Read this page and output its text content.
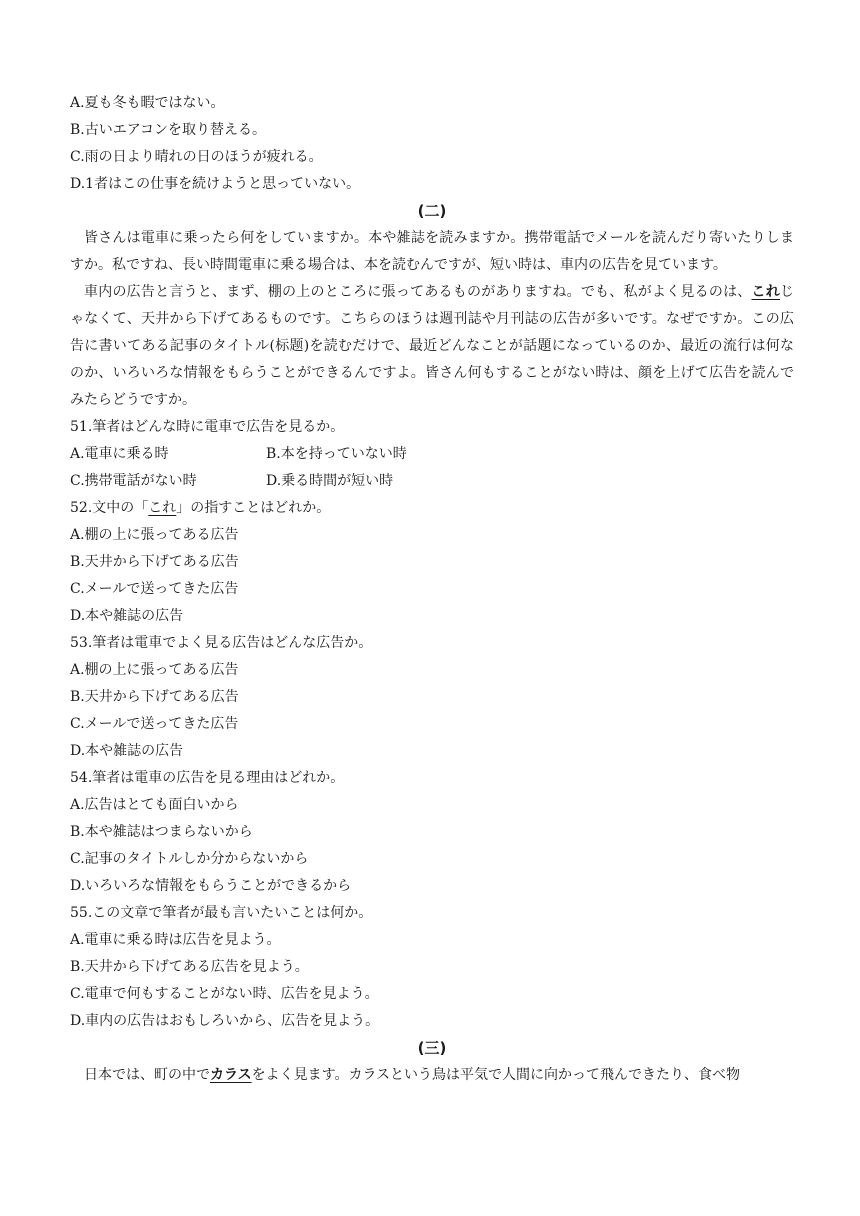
A.夏も冬も暇ではない。
B.古いエアコンを取り替える。
C.雨の日より晴れの日のほうが疲れる。
D.1者はこの仕事を続けようと思っていない。
(二)

皆さんは電車に乗ったら何をしていますか。本や雑誌を読みますか。携帯電話でメールを読んだり寄いたりしますか。私ですね、長い時間電車に乗る場合は、本を読むんですが、短い時は、車内の広告を見ています。

車内の広告と言うと、まず、棚の上のところに張ってあるものがありますね。でも、私がよく見るのは、これじゃなくて、天井から下げてあるものです。こちらのほうは週刊誌や月刊誌の広告が多いです。なぜですか。この広告に書いてある記事のタイトル(标题)を読むだけで、最近どんなことが話題になっているのか、最近の流行は何なのか、いろいろな情報をもらうことができるんですよ。皆さん何もすることがない時は、顔を上げて広告を読んでみたらどうですか。

51.筆者はどんな時に電車で広告を見るか。
A.電車に乗る時	B.本を持っていない時
C.携帯電話がない時	D.乗る時間が短い時
52.文中の「これ」の指すことはどれか。
A.棚の上に張ってある広告
B.天井から下げてある広告
C.メールで送ってきた広告
D.本や雑誌の広告
53.筆者は電車でよく見る広告はどんな広告か。
A.棚の上に張ってある広告
B.天井から下げてある広告
C.メールで送ってきた広告
D.本や雑誌の広告
54.筆者は電車の広告を見る理由はどれか。
A.広告はとても面白いから
B.本や雑誌はつまらないから
C.記事のタイトルしか分からないから
D.いろいろな情報をもらうことができるから
55.この文章で筆者が最も言いたいことは何か。
A.電車に乗る時は広告を見よう。
B.天井から下げてある広告を見よう。
C.電車で何もすることがない時、広告を見よう。
D.車内の広告はおもしろいから、広告を見よう。
(三)

日本では、町の中でカラスをよく見ます。カラスという鳥は平気で人間に向かって飛んできたり、食べ物
